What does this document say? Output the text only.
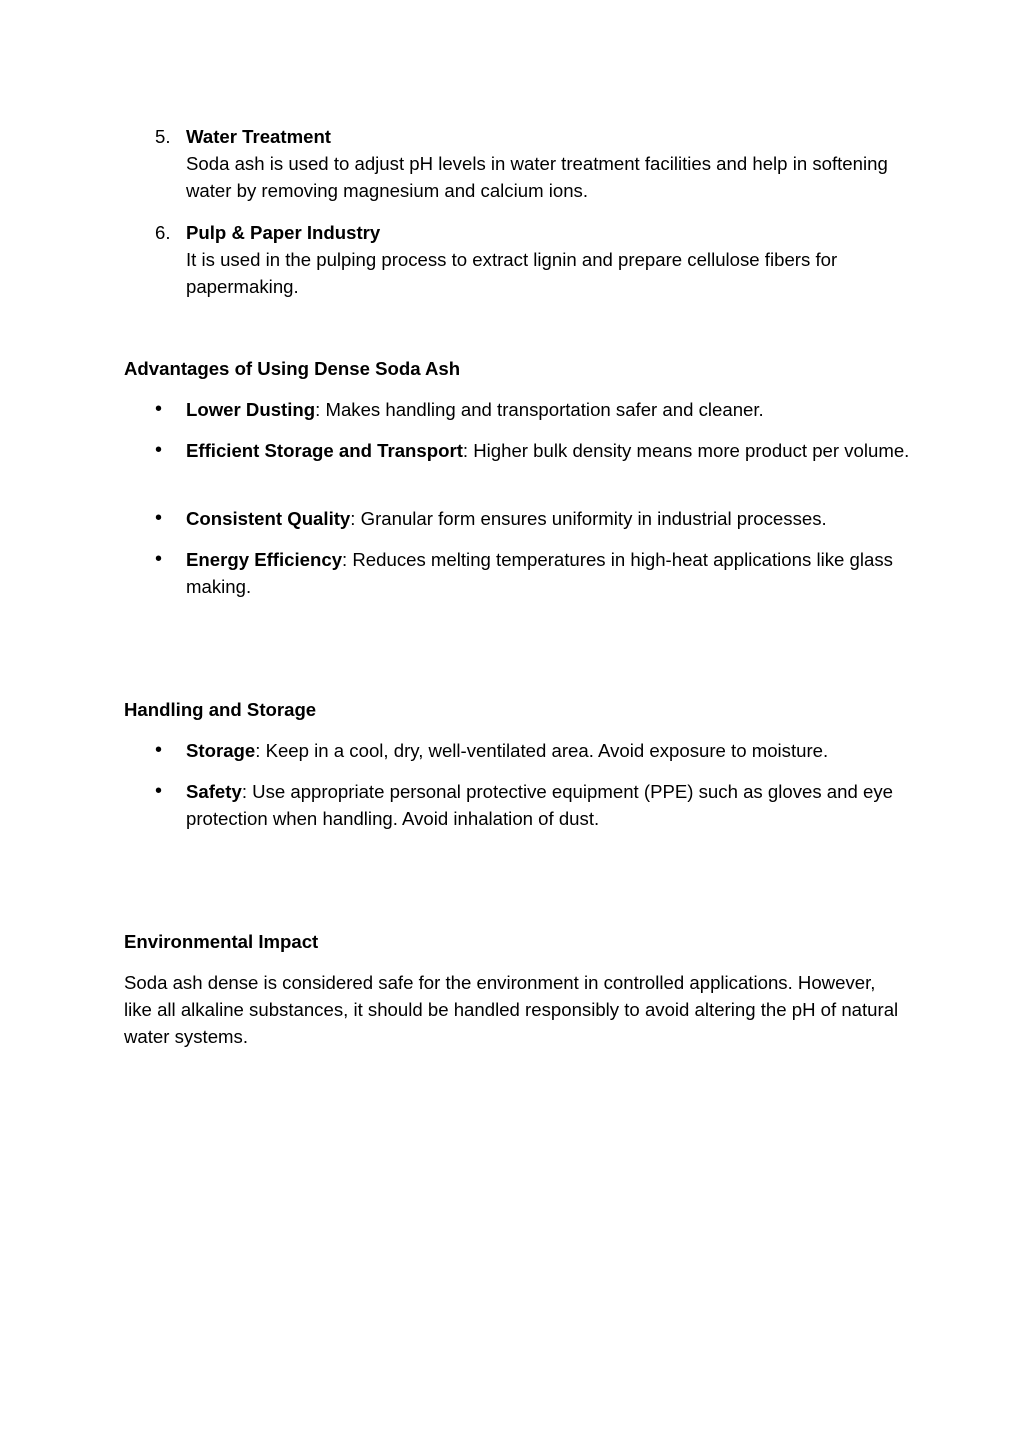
5. Water Treatment
Soda ash is used to adjust pH levels in water treatment facilities and help in softening water by removing magnesium and calcium ions.
6. Pulp & Paper Industry
It is used in the pulping process to extract lignin and prepare cellulose fibers for papermaking.
Advantages of Using Dense Soda Ash
•	Lower Dusting: Makes handling and transportation safer and cleaner.
•	Efficient Storage and Transport: Higher bulk density means more product per volume.
•	Consistent Quality: Granular form ensures uniformity in industrial processes.
•	Energy Efficiency: Reduces melting temperatures in high-heat applications like glass making.
Handling and Storage
•	Storage: Keep in a cool, dry, well-ventilated area. Avoid exposure to moisture.
•	Safety: Use appropriate personal protective equipment (PPE) such as gloves and eye protection when handling. Avoid inhalation of dust.
Environmental Impact
Soda ash dense is considered safe for the environment in controlled applications. However, like all alkaline substances, it should be handled responsibly to avoid altering the pH of natural water systems.
